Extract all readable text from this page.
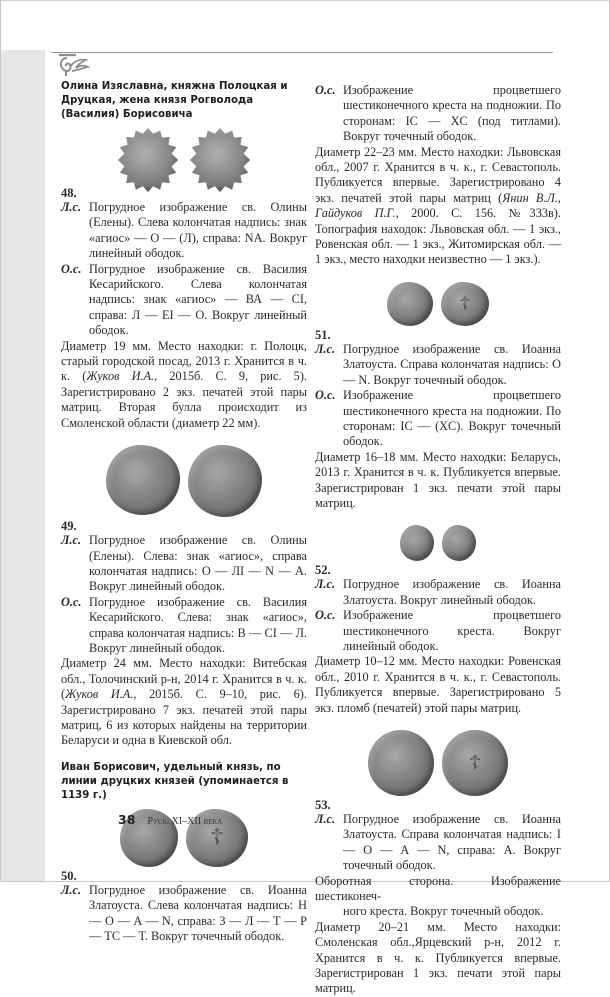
Олина Изяславна, княжна Полоцкая и Друцкая, жена князя Рогволода (Василия) Борисовича
48.
Л.с. Погрудное изображение св. Олины (Елены). Слева колончатая надпись: знак «агиос» — О — (Л), справа: NA. Вокруг линейный ободок.
О.с. Погрудное изображение св. Василия Кесарийского. Слева колончатая надпись: знак «агиос» — ВА — CI, справа: Л — EI — О. Вокруг линейный ободок.
Диаметр 19 мм. Место находки: г. Полоцк, старый городской посад, 2013 г. Хранится в ч. к. (Жуков И.А., 2015б. С. 9, рис. 5). Зарегистрировано 2 экз. печатей этой пары матриц. Вторая булла происходит из Смоленской области (диаметр 22 мм).
49.
Л.с. Погрудное изображение св. Олины (Елены). Слева: знак «агиос», справа колончатая надпись: О — ЛI — N — А. Вокруг линейный ободок.
О.с. Погрудное изображение св. Василия Кесарийского. Слева: знак «агиос», справа колончатая надпись: В — CI — Л. Вокруг линейный ободок.
Диаметр 24 мм. Место находки: Витебская обл., Толочинский р-н, 2014 г. Хранится в ч. к. (Жуков И.А., 2015б. С. 9–10, рис. 6). Зарегистрировано 7 экз. печатей этой пары матриц, 6 из которых найдены на территории Беларуси и одна в Киевской обл.
Иван Борисович, удельный князь, по линии друцких князей (упоминается в 1139 г.)
☦
50.
Л.с. Погрудное изображение св. Иоанна Златоуста. Слева колончатая надпись: Н — О — А — N, справа: З — Л — Т — Р — ТС — Т. Вокруг точечный ободок.
О.с. Изображение процветшего шестиконечного креста на подножии. По сторонам: IC — XC (под титлами). Вокруг точечный ободок.
Диаметр 22–23 мм. Место находки: Львовская обл., 2007 г. Хранится в ч. к., г. Севастополь. Публикуется впервые. Зарегистрировано 4 экз. печатей этой пары матриц (Янин В.Л., Гайдуков П.Г., 2000. С. 156. №333в). Топография находок: Львовская обл. — 1 экз., Ровенская обл. — 1 экз., Житомирская обл. — 1 экз., место находки неизвестно — 1 экз.).
☦
51.
Л.с. Погрудное изображение св. Иоанна Златоуста. Справа колончатая надпись: О — N. Вокруг точечный ободок.
О.с. Изображение процветшего шестиконечного креста на подножии. По сторонам: IC — (XC). Вокруг точечный ободок.
Диаметр 16–18 мм. Место находки: Беларусь, 2013 г. Хранится в ч. к. Публикуется впервые. Зарегистрирован 1 экз. печати этой пары матриц.
52.
Л.с. Погрудное изображение св. Иоанна Златоуста. Вокруг линейный ободок.
О.с. Изображение процветшего шестиконечного креста. Вокруг линейный ободок.
Диаметр 10–12 мм. Место находки: Ровенская обл., 2010 г. Хранится в ч. к., г. Севастополь. Публикуется впервые. Зарегистрировано 5 экз. пломб (печатей) этой пары матриц.
☦
53.
Л.с. Погрудное изображение св. Иоанна Златоуста. Справа колончатая надпись: I — О — А — N, справа: А. Вокруг точечный ободок.
Оборотная сторона. Изображение шестиконеч-
ного креста. Вокруг точечный ободок.
Диаметр 20–21 мм. Место находки: Смоленская обл.,Ярцевский р-н, 2012 г. Хранится в ч. к. Публикуется впервые. Зарегистрирован 1 экз. печати этой пары матриц.
38 Русь. XI–XII века
